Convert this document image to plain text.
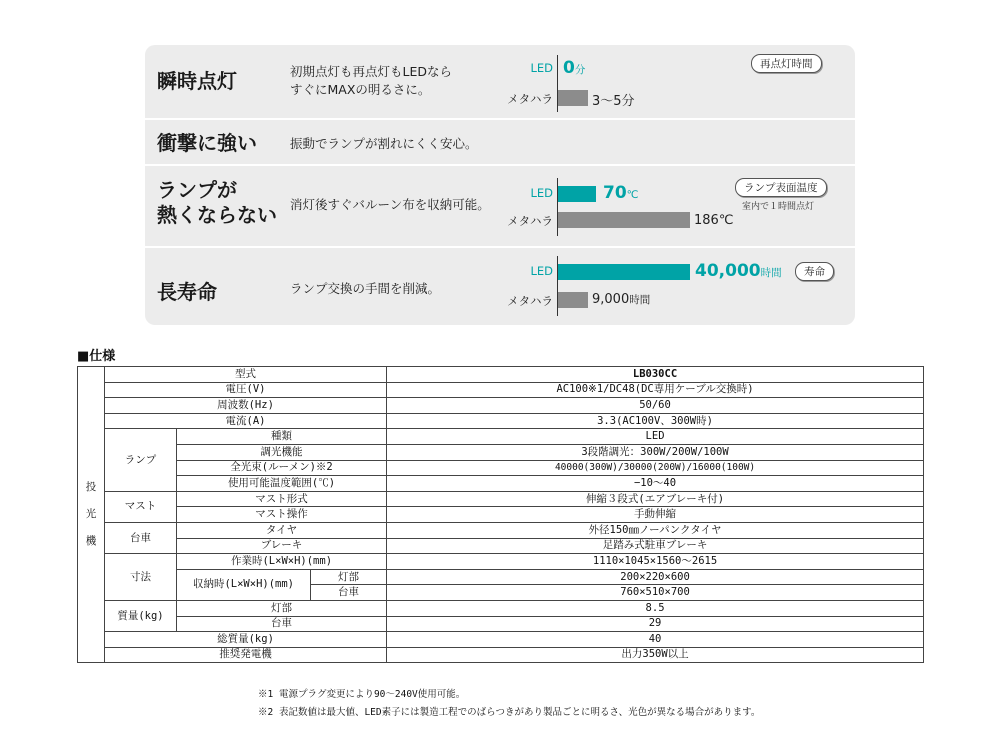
瞬時点灯	初期点灯も再点灯もLEDなら
すぐにMAXの明るさに。
LED
メタハラ
0分
3～5分
再点灯時間
衝撃に強い	振動でランプが割れにくく安心。
ランプが
熱くならない 消灯後すぐバルーン布を収納可能。
LED
メタハラ
70℃
186℃
ランプ表面温度
室内で１時間点灯
長寿命	ランプ交換の手間を削減。
LED
メタハラ
40,000時間
9,000時間
寿命
■仕様
投
光
機	型式			LB030CC
	電圧(V)			AC100※1/DC48(DC専用ケーブル交換時)
	周波数(Hz)			50/60
	電流(A)			3.3(AC100V、300W時)
	ランプ	種類		LED
		調光機能		3段階調光：300W/200W/100W
		全光束(ルーメン)※2		40000(300W)/30000(200W)/16000(100W)
		使用可能温度範囲(℃)		−10～40
	マスト	マスト形式		伸縮３段式(エアブレーキ付)
		マスト操作		手動伸縮
	台車	タイヤ		外径150㎜ノーパンクタイヤ
		ブレーキ		足踏み式駐車ブレーキ
	寸法	作業時(L×W×H)(mm)		1110×1045×1560～2615
		収納時(L×W×H)(mm)	灯部	200×220×600
			台車	760×510×700
	質量(kg)	灯部		8.5
		台車		29
	総質量(kg)			40
	推奨発電機			出力350W以上
※1 電源プラグ変更により90～240V使用可能。
※2 表記数値は最大値、LED素子には製造工程でのばらつきがあり製品ごとに明るさ、光色が異なる場合があります。
